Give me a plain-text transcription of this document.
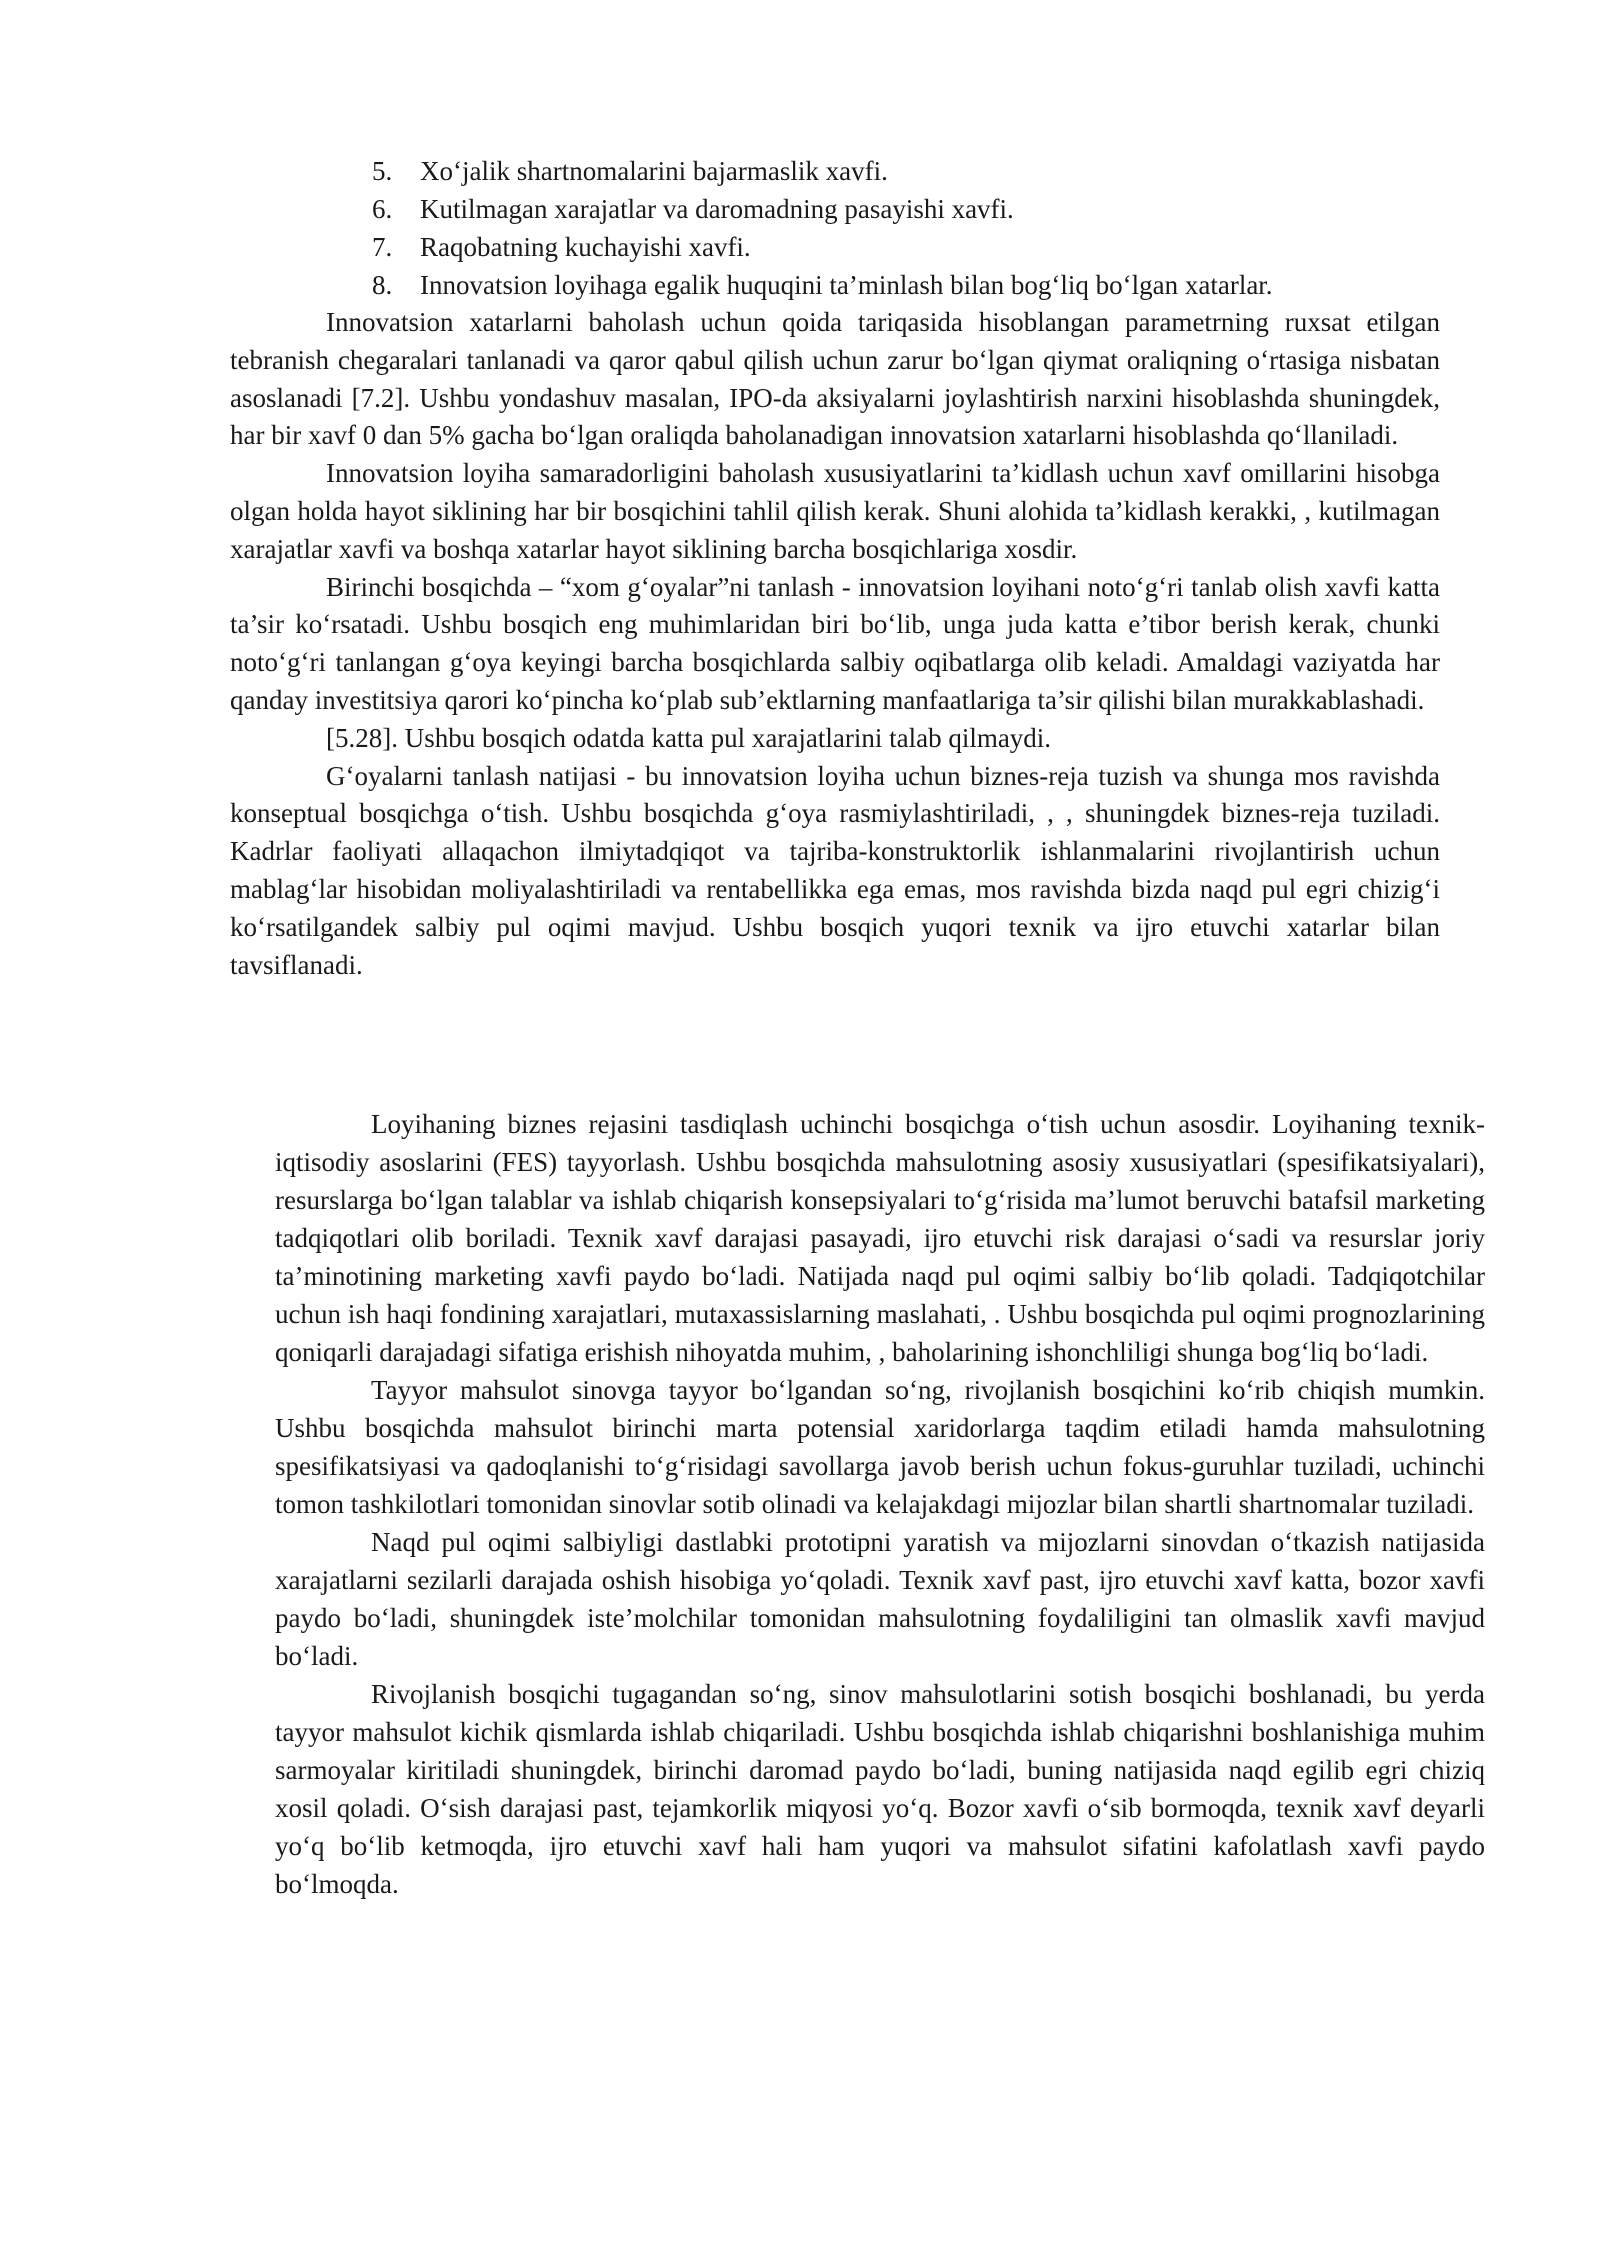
5. Xo‘jalik shartnomalarini bajarmaslik xavfi.
6. Kutilmagan xarajatlar va daromadning pasayishi xavfi.
7. Raqobatning kuchayishi xavfi.
8. Innovatsion loyihaga egalik huquqini ta’minlash bilan bog‘liq bo‘lgan xatarlar.

Innovatsion xatarlarni baholash uchun qoida tariqasida hisoblangan parametrning ruxsat etilgan tebranish chegaralari tanlanadi va qaror qabul qilish uchun zarur bo‘lgan qiymat oraliqning o‘rtasiga nisbatan asoslanadi [7.2]. Ushbu yondashuv masalan, IPO-da aksiyalarni joylashtirish narxini hisoblashda shuningdek, har bir xavf 0 dan 5% gacha bo‘lgan oraliqda baholanadigan innovatsion xatarlarni hisoblashda qo‘llaniladi.

Innovatsion loyiha samaradorligini baholash xususiyatlarini ta’kidlash uchun xavf omillarini hisobga olgan holda hayot siklining har bir bosqichini tahlil qilish kerak. Shuni alohida ta’kidlash kerakki, , kutilmagan xarajatlar xavfi va boshqa xatarlar hayot siklining barcha bosqichlariga xosdir.

Birinchi bosqichda – “xom g‘oyalar”ni tanlash - innovatsion loyihani noto‘g‘ri tanlab olish xavfi katta ta’sir ko‘rsatadi. Ushbu bosqich eng muhimlaridan biri bo‘lib, unga juda katta e’tibor berish kerak, chunki noto‘g‘ri tanlangan g‘oya keyingi barcha bosqichlarda salbiy oqibatlarga olib keladi. Amaldagi vaziyatda har qanday investitsiya qarori ko‘pincha ko‘plab sub’ektlarning manfaatlariga ta’sir qilishi bilan murakkablashadi.

[5.28]. Ushbu bosqich odatda katta pul xarajatlarini talab qilmaydi.

G‘oyalarni tanlash natijasi - bu innovatsion loyiha uchun biznes-reja tuzish va shunga mos ravishda konseptual bosqichga o‘tish. Ushbu bosqichda g‘oya rasmiylashtiriladi, , , shuningdek biznes-reja tuziladi. Kadrlar faoliyati allaqachon ilmiytadqiqot va tajriba-konstruktorlik ishlanmalarini rivojlantirish uchun mablag‘lar hisobidan moliyalashtiriladi va rentabellikka ega emas, mos ravishda bizda naqd pul egri chizig‘i ko‘rsatilgandek salbiy pul oqimi mavjud. Ushbu bosqich yuqori texnik va ijro etuvchi xatarlar bilan tavsiflanadi.

Loyihaning biznes rejasini tasdiqlash uchinchi bosqichga o‘tish uchun asosdir. Loyihaning texnik-iqtisodiy asoslarini (FES) tayyorlash. Ushbu bosqichda mahsulotning asosiy xususiyatlari (spesifikatsiyalari), resurslarga bo‘lgan talablar va ishlab chiqarish konsepsiyalari to‘g‘risida ma’lumot beruvchi batafsil marketing tadqiqotlari olib boriladi. Texnik xavf darajasi pasayadi, ijro etuvchi risk darajasi o‘sadi va resurslar joriy ta’minotining marketing xavfi paydo bo‘ladi. Natijada naqd pul oqimi salbiy bo‘lib qoladi. Tadqiqotchilar uchun ish haqi fondining xarajatlari, mutaxassislarning maslahati, . Ushbu bosqichda pul oqimi prognozlarining qoniqarli darajadagi sifatiga erishish nihoyatda muhim, , baholarining ishonchliligi shunga bog‘liq bo‘ladi.

Tayyor mahsulot sinovga tayyor bo‘lgandan so‘ng, rivojlanish bosqichini ko‘rib chiqish mumkin. Ushbu bosqichda mahsulot birinchi marta potensial xaridorlarga taqdim etiladi hamda mahsulotning spesifikatsiyasi va qadoqlanishi to‘g‘risidagi savollarga javob berish uchun fokus-guruhlar tuziladi, uchinchi tomon tashkilotlari tomonidan sinovlar sotib olinadi va kelajakdagi mijozlar bilan shartli shartnomalar tuziladi.

Naqd pul oqimi salbiyligi dastlabki prototipni yaratish va mijozlarni sinovdan o‘tkazish natijasida xarajatlarni sezilarli darajada oshish hisobiga yo‘qoladi. Texnik xavf past, ijro etuvchi xavf katta, bozor xavfi paydo bo‘ladi, shuningdek iste’molchilar tomonidan mahsulotning foydaliligini tan olmaslik xavfi mavjud bo‘ladi.

Rivojlanish bosqichi tugagandan so‘ng, sinov mahsulotlarini sotish bosqichi boshlanadi, bu yerda tayyor mahsulot kichik qismlarda ishlab chiqariladi. Ushbu bosqichda ishlab chiqarishni boshlanishiga muhim sarmoyalar kiritiladi shuningdek, birinchi daromad paydo bo‘ladi, buning natijasida naqd egilib egri chiziq xosil qoladi. O‘sish darajasi past, tejamkorlik miqyosi yo‘q. Bozor xavfi o‘sib bormoqda, texnik xavf deyarli yo‘q bo‘lib ketmoqda, ijro etuvchi xavf hali ham yuqori va mahsulot sifatini kafolatlash xavfi paydo bo‘lmoqda.
